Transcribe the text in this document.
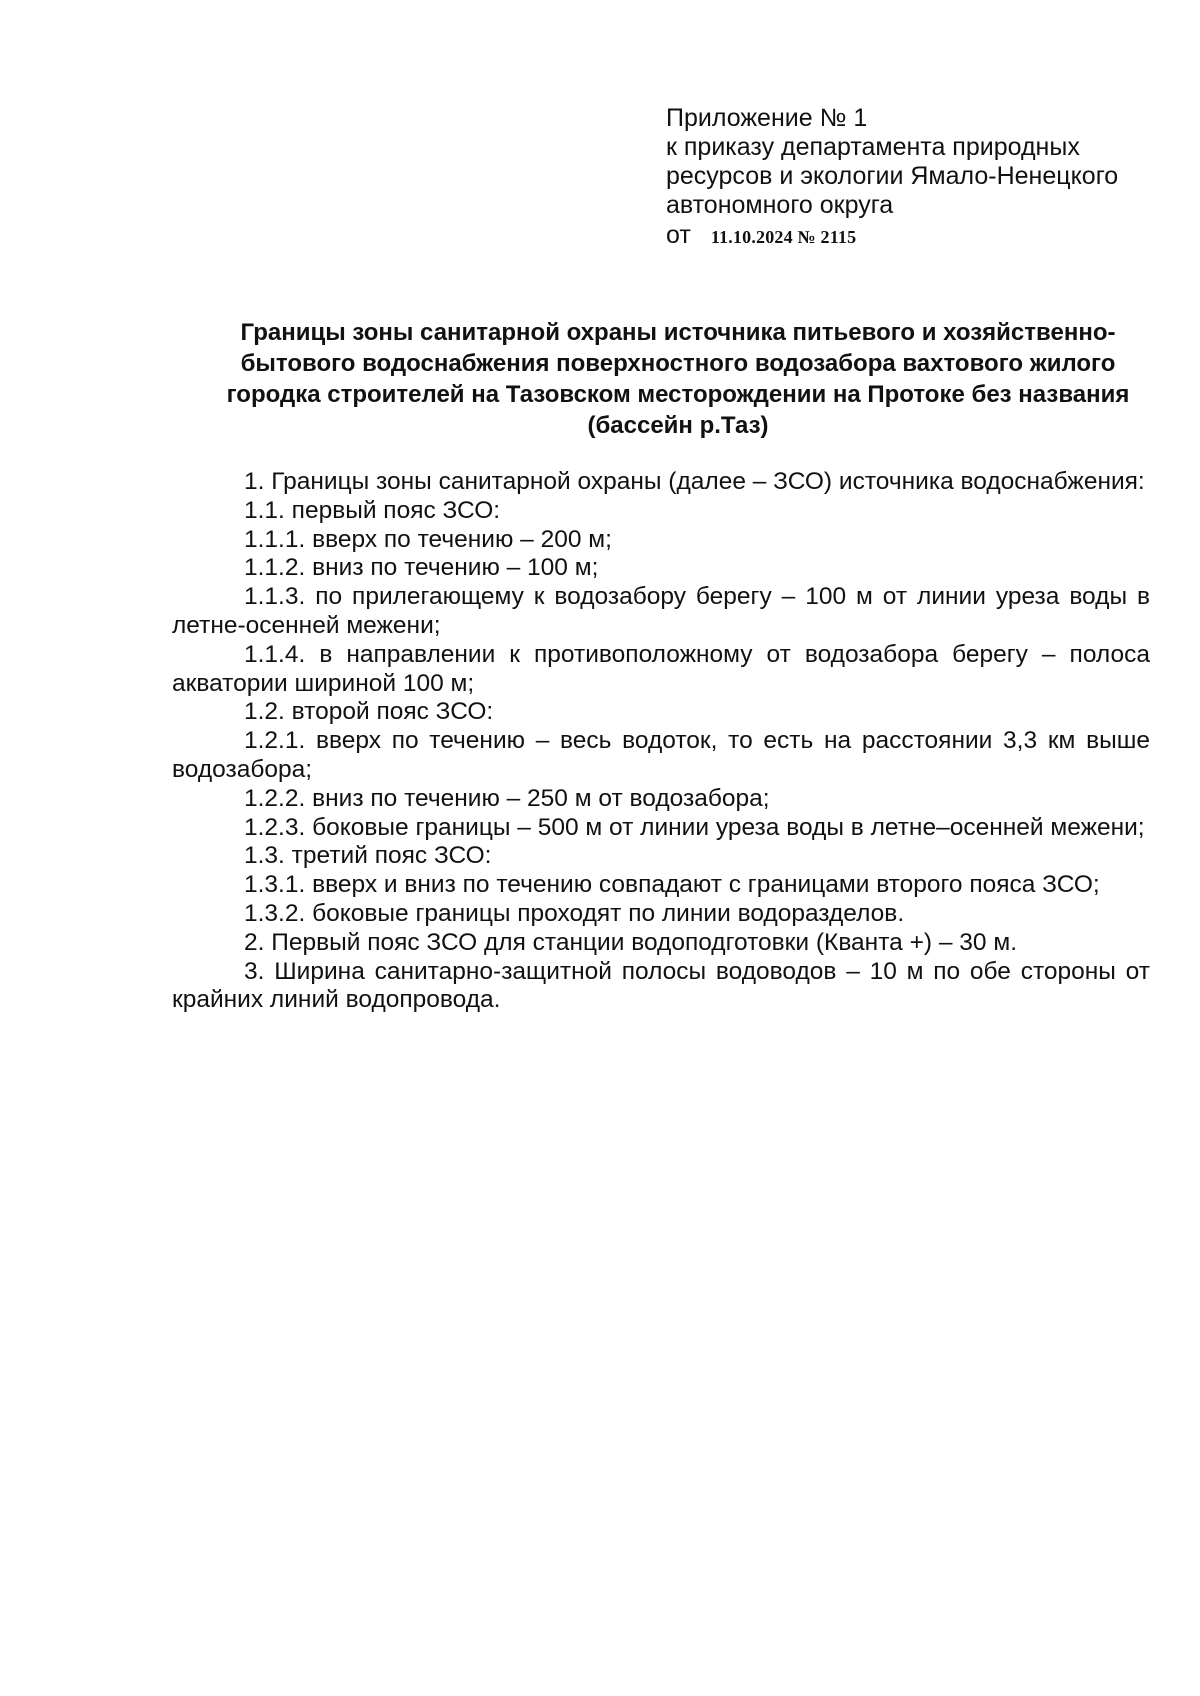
Приложение № 1
к приказу департамента природных
ресурсов и экологии Ямало-Ненецкого
автономного округа
от 11.10.2024 № 2115
Границы зоны санитарной охраны источника питьевого и хозяйственно-
бытового водоснабжения поверхностного водозабора вахтового жилого
городка строителей на Тазовском месторождении на Протоке без названия
(бассейн р.Таз)

1. Границы зоны санитарной охраны (далее – ЗСО) источника водоснабжения:

1.1. первый пояс ЗСО:

1.1.1. вверх по течению – 200 м;

1.1.2. вниз по течению – 100 м;

1.1.3. по прилегающему к водозабору берегу – 100 м от линии уреза воды в летне-осенней межени;

1.1.4. в направлении к противоположному от водозабора берегу – полоса акватории шириной 100 м;

1.2. второй пояс ЗСО:

1.2.1. вверх по течению – весь водоток, то есть на расстоянии 3,3 км выше водозабора;

1.2.2. вниз по течению – 250 м от водозабора;

1.2.3. боковые границы – 500 м от линии уреза воды в летне–осенней межени;

1.3. третий пояс ЗСО:

1.3.1. вверх и вниз по течению совпадают с границами второго пояса ЗСО;

1.3.2. боковые границы проходят по линии водоразделов.

2. Первый пояс ЗСО для станции водоподготовки (Кванта +) – 30 м.

3. Ширина санитарно-защитной полосы водоводов – 10 м по обе стороны от крайних линий водопровода.
